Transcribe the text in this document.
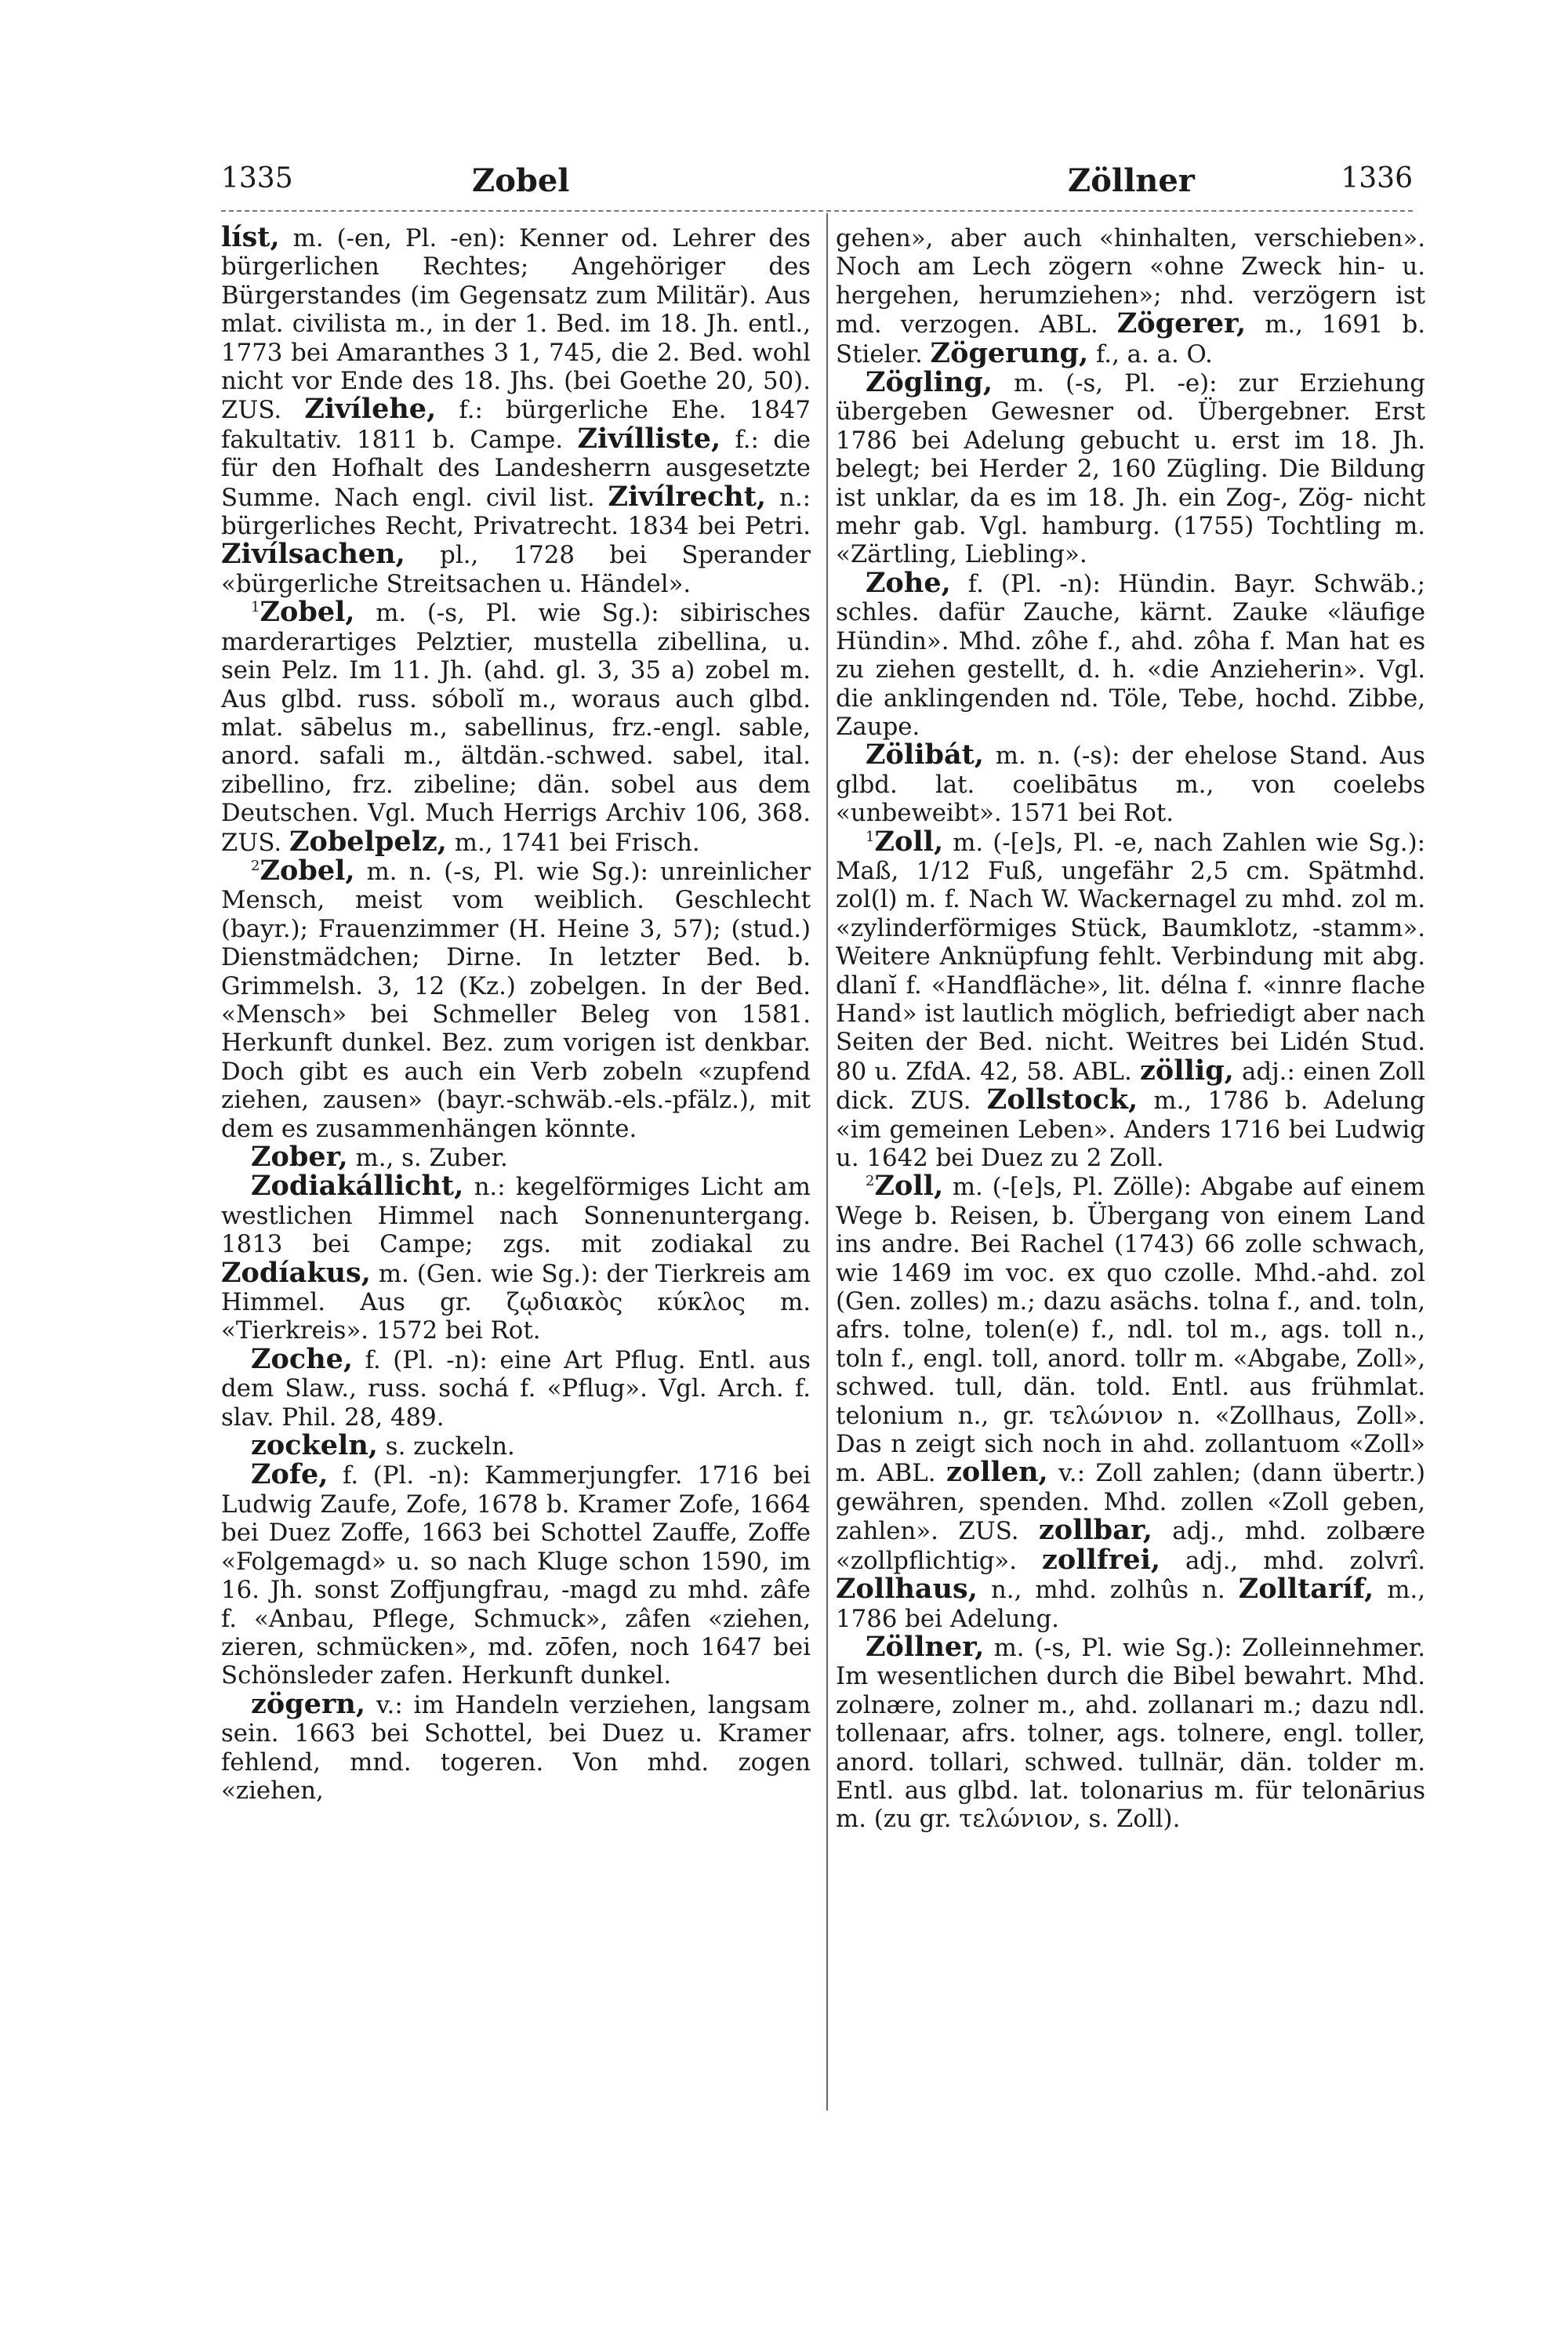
1335	Zobel	Zöllner	1336

líst, m. (-en, Pl. -en): Kenner od. Lehrer des bürgerlichen Rechtes; Angehöriger des Bürgerstandes (im Gegensatz zum Militär). Aus mlat. civilista m., in der 1. Bed. im 18. Jh. entl., 1773 bei Amaranthes 3 1, 745, die 2. Bed. wohl nicht vor Ende des 18. Jhs. (bei Goethe 20, 50). ZUS. Zivílehe, f.: bürgerliche Ehe. 1847 fakultativ. 1811 b. Campe. Zivílliste, f.: die für den Hofhalt des Landesherrn ausgesetzte Summe. Nach engl. civil list. Zivílrecht, n.: bürgerliches Recht, Privatrecht. 1834 bei Petri. Zivílsachen, pl., 1728 bei Sperander «bürgerliche Streitsachen u. Händel».

$^1$Zobel, m. (-s, Pl. wie Sg.): sibirisches marderartiges Pelztier, mustella zibellina, u. sein Pelz. Im 11. Jh. (ahd. gl. 3, 35 a) zobel m. Aus glbd. russ. sóbolĭ m., woraus auch glbd. mlat. sābelus m., sabellinus, frz.-engl. sable, anord. safali m., ältdän.-schwed. sabel, ital. zibellino, frz. zibeline; dän. sobel aus dem Deutschen. Vgl. Much Herrigs Archiv 106, 368. ZUS. Zobelpelz, m., 1741 bei Frisch.

$^2$Zobel, m. n. (-s, Pl. wie Sg.): unreinlicher Mensch, meist vom weiblich. Geschlecht (bayr.); Frauenzimmer (H. Heine 3, 57); (stud.) Dienstmädchen; Dirne. In letzter Bed. b. Grimmelsh. 3, 12 (Kz.) zobelgen. In der Bed. «Mensch» bei Schmeller Beleg von 1581. Herkunft dunkel. Bez. zum vorigen ist denkbar. Doch gibt es auch ein Verb zobeln «zupfend ziehen, zausen» (bayr.-schwäb.-els.-pfälz.), mit dem es zusammenhängen könnte.

Zober, m., s. Zuber.

Zodiakállicht, n.: kegelförmiges Licht am westlichen Himmel nach Sonnenuntergang. 1813 bei Campe; zgs. mit zodiakal zu Zodíakus, m. (Gen. wie Sg.): der Tierkreis am Himmel. Aus gr. ζῳδιακὸς κύκλος m. «Tierkreis». 1572 bei Rot.

Zoche, f. (Pl. -n): eine Art Pflug. Entl. aus dem Slaw., russ. sochá f. «Pflug». Vgl. Arch. f. slav. Phil. 28, 489.

zockeln, s. zuckeln.

Zofe, f. (Pl. -n): Kammerjungfer. 1716 bei Ludwig Zaufe, Zofe, 1678 b. Kramer Zofe, 1664 bei Duez Zoffe, 1663 bei Schottel Zauffe, Zoffe «Folgemagd» u. so nach Kluge schon 1590, im 16. Jh. sonst Zoffjungfrau, -magd zu mhd. zâfe f. «Anbau, Pflege, Schmuck», zâfen «ziehen, zieren, schmücken», md. zōfen, noch 1647 bei Schönsleder zafen. Herkunft dunkel.

zögern, v.: im Handeln verziehen, langsam sein. 1663 bei Schottel, bei Duez u. Kramer fehlend, mnd. togeren. Von mhd. zogen «ziehen,

gehen», aber auch «hinhalten, verschieben». Noch am Lech zögern «ohne Zweck hin- u. hergehen, herumziehen»; nhd. verzögern ist md. verzogen. ABL. Zögerer, m., 1691 b. Stieler. Zögerung, f., a. a. O.

Zögling, m. (-s, Pl. -e): zur Erziehung übergeben Gewesner od. Übergebner. Erst 1786 bei Adelung gebucht u. erst im 18. Jh. belegt; bei Herder 2, 160 Zügling. Die Bildung ist unklar, da es im 18. Jh. ein Zog-, Zög- nicht mehr gab. Vgl. hamburg. (1755) Tochtling m. «Zärtling, Liebling».

Zohe, f. (Pl. -n): Hündin. Bayr. Schwäb.; schles. dafür Zauche, kärnt. Zauke «läufige Hündin». Mhd. zôhe f., ahd. zôha f. Man hat es zu ziehen gestellt, d. h. «die Anzieherin». Vgl. die anklingenden nd. Töle, Tebe, hochd. Zibbe, Zaupe.

Zölibát, m. n. (-s): der ehelose Stand. Aus glbd. lat. coelibātus m., von coelebs «unbeweibt». 1571 bei Rot.

$^1$Zoll, m. (-[e]s, Pl. -e, nach Zahlen wie Sg.): Maß, 1/12 Fuß, ungefähr 2,5 cm. Spätmhd. zol(l) m. f. Nach W. Wackernagel zu mhd. zol m. «zylinderförmiges Stück, Baumklotz, -stamm». Weitere Anknüpfung fehlt. Verbindung mit abg. dlanĭ f. «Handfläche», lit. délna f. «innre flache Hand» ist lautlich möglich, befriedigt aber nach Seiten der Bed. nicht. Weitres bei Lidén Stud. 80 u. ZfdA. 42, 58. ABL. zöllig, adj.: einen Zoll dick. ZUS. Zollstock, m., 1786 b. Adelung «im gemeinen Leben». Anders 1716 bei Ludwig u. 1642 bei Duez zu 2 Zoll.

$^2$Zoll, m. (-[e]s, Pl. Zölle): Abgabe auf einem Wege b. Reisen, b. Übergang von einem Land ins andre. Bei Rachel (1743) 66 zolle schwach, wie 1469 im voc. ex quo czolle. Mhd.-ahd. zol (Gen. zolles) m.; dazu asächs. tolna f., and. toln, afrs. tolne, tolen(e) f., ndl. tol m., ags. toll n., toln f., engl. toll, anord. tollr m. «Abgabe, Zoll», schwed. tull, dän. told. Entl. aus frühmlat. telonium n., gr. τελώνιον n. «Zollhaus, Zoll». Das n zeigt sich noch in ahd. zollantuom «Zoll» m. ABL. zollen, v.: Zoll zahlen; (dann übertr.) gewähren, spenden. Mhd. zollen «Zoll geben, zahlen». ZUS. zollbar, adj., mhd. zolbære «zollpflichtig». zollfrei, adj., mhd. zolvrî. Zollhaus, n., mhd. zolhûs n. Zolltaríf, m., 1786 bei Adelung.

Zöllner, m. (-s, Pl. wie Sg.): Zolleinnehmer. Im wesentlichen durch die Bibel bewahrt. Mhd. zolnære, zolner m., ahd. zollanari m.; dazu ndl. tollenaar, afrs. tolner, ags. tolnere, engl. toller, anord. tollari, schwed. tullnär, dän. tolder m. Entl. aus glbd. lat. tolonarius m. für telonārius m. (zu gr. τελώνιον, s. Zoll).
